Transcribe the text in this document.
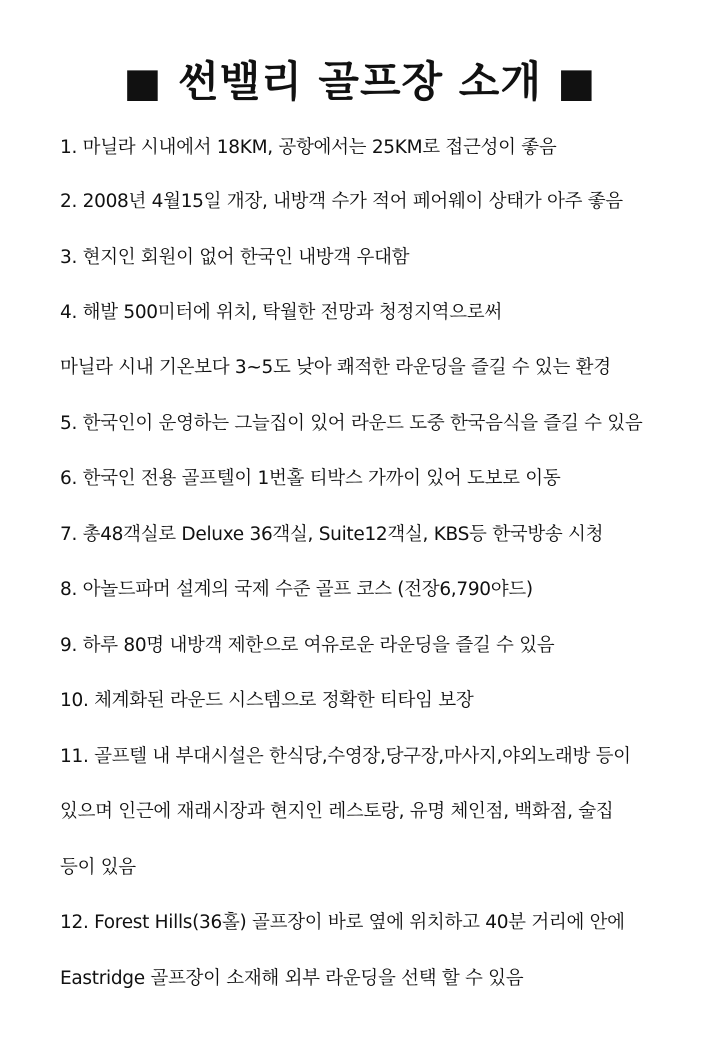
■ 썬밸리 골프장 소개 ■
1. 마닐라 시내에서 18KM, 공항에서는 25KM로 접근성이 좋음
2. 2008년 4월15일 개장, 내방객 수가 적어 페어웨이 상태가 아주 좋음
3. 현지인 회원이 없어 한국인 내방객 우대함
4. 해발 500미터에 위치, 탁월한 전망과 청정지역으로써
마닐라 시내 기온보다 3~5도 낮아 쾌적한 라운딩을 즐길 수 있는 환경
5. 한국인이 운영하는 그늘집이 있어 라운드 도중 한국음식을 즐길 수 있음
6. 한국인 전용 골프텔이 1번홀 티박스 가까이 있어 도보로 이동
7. 총48객실로 Deluxe 36객실, Suite12객실, KBS등 한국방송 시청
8. 아놀드파머 설계의 국제 수준 골프 코스 (전장6,790야드)
9. 하루 80명 내방객 제한으로 여유로운 라운딩을 즐길 수 있음
10. 체계화된 라운드 시스템으로 정확한 티타임 보장
11. 골프텔 내 부대시설은 한식당,수영장,당구장,마사지,야외노래방 등이
있으며 인근에 재래시장과 현지인 레스토랑, 유명 체인점, 백화점, 술집
등이 있음
12. Forest Hills(36홀) 골프장이 바로 옆에 위치하고 40분 거리에 안에
Eastridge 골프장이 소재해 외부 라운딩을 선택 할 수 있음
